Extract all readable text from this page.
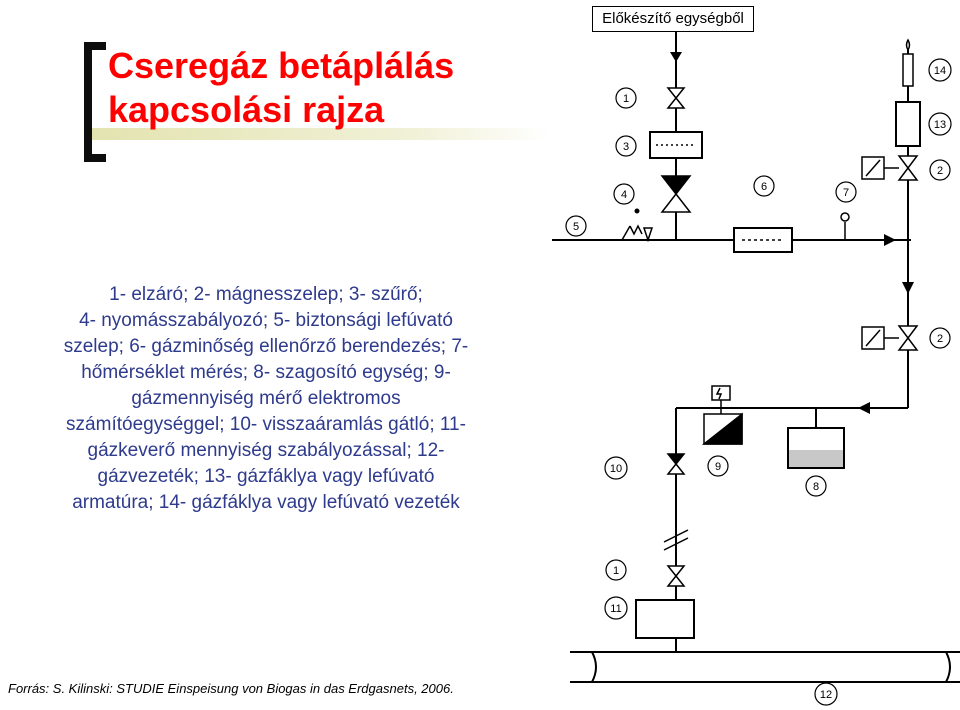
Cseregáz betáplálás
kapcsolási rajza

1- elzáró; 2- mágnesszelep; 3- szűrő;
4- nyomásszabályozó; 5- biztonsági lefúvató
szelep; 6- gázminőség ellenőrző berendezés; 7-
hőmérséklet mérés; 8- szagosító egység; 9-
gázmennyiség mérő elektromos
számítóegységgel; 10- visszaáramlás gátló; 11-
gázkeverő mennyiség szabályozással; 12-
gázvezeték; 13- gázfáklya vagy lefúvató
armatúra; 14- gázfáklya vagy lefúvató vezeték

Forrás: S. Kilinski: STUDIE Einspeisung von Biogas in das Erdgasnets, 2006.

1
3
4
5
6	7
14
13
2
2
9
10
8
1
11
12
Előkészítő egységből
